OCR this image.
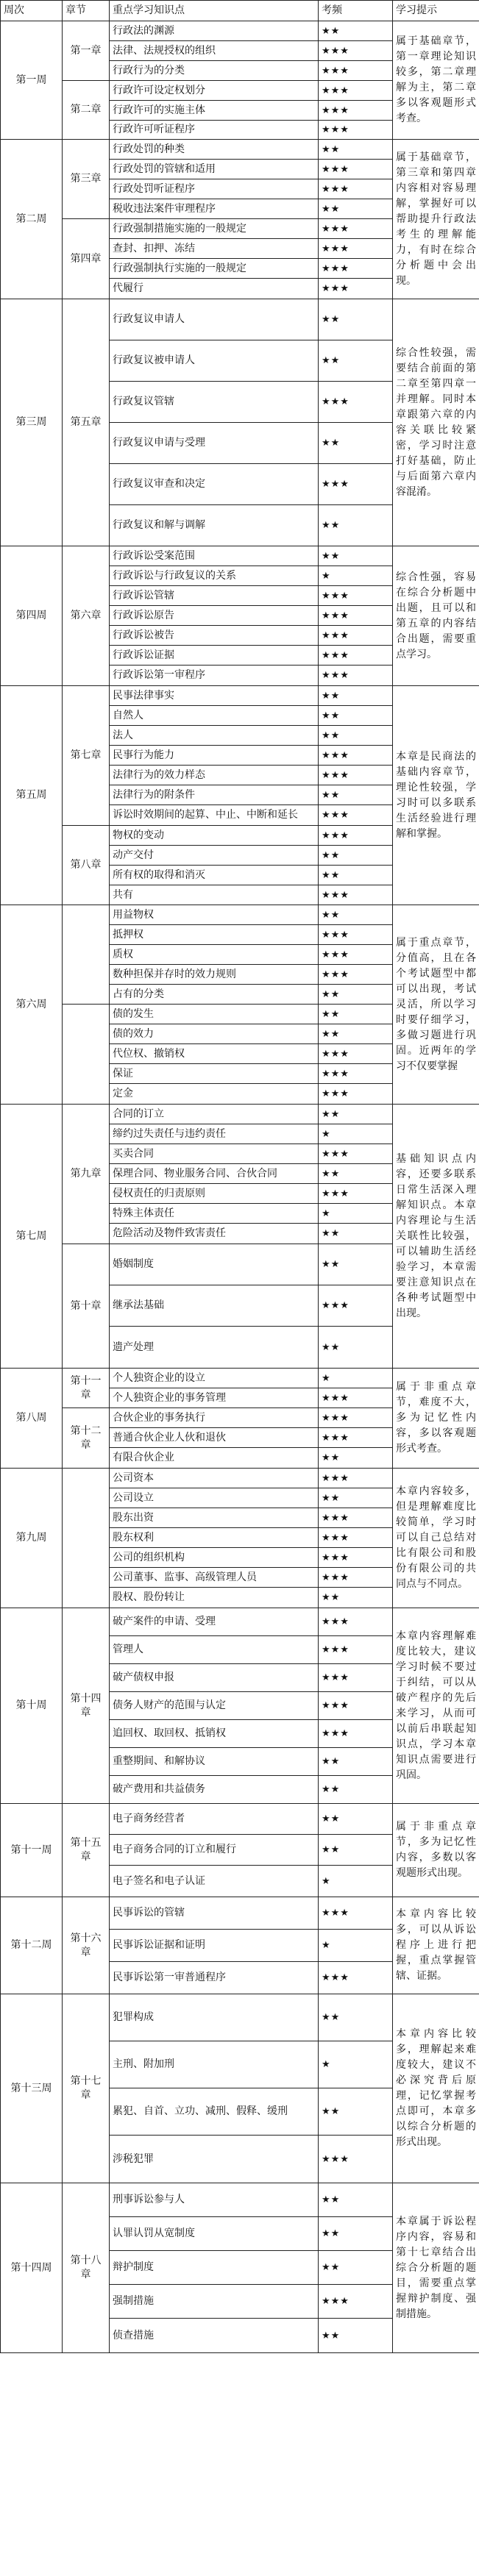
周次	章节	重点学习知识点	考频	学习提示
第一周	第一章	行政法的渊源	★★	属于基础章节，第一章理论知识较多，第二章理解为主，第二章多以客观题形式考查。
		法律、法规授权的组织	★★★	
		行政行为的分类	★★★	
	第二章	行政许可设定权划分	★★★	
		行政许可的实施主体	★★★	
		行政许可听证程序	★★★	
第二周	第三章	行政处罚的种类	★★	属于基础章节，第三章和第四章内容相对容易理解，掌握好可以帮助提升行政法考生的理解能力，有时在综合分析题中会出现。
		行政处罚的管辖和适用	★★★	
		行政处罚听证程序	★★★	
		税收违法案件审理程序	★★	
	第四章	行政强制措施实施的一般规定	★★★	
		查封、扣押、冻结	★★★	
		行政强制执行实施的一般规定	★★★	
		代履行	★★★	
第三周	第五章	行政复议申请人	★★	综合性较强，需要结合前面的第二章至第四章一并理解。同时本章跟第六章的内容关联比较紧密，学习时注意打好基础，防止与后面第六章内容混淆。
		行政复议被申请人	★★	
		行政复议管辖	★★★	
		行政复议申请与受理	★★	
		行政复议审查和决定	★★★	
		行政复议和解与调解	★★	
第四周	第六章	行政诉讼受案范围	★★	综合性强，容易在综合分析题中出题，且可以和第五章的内容结合出题，需要重点学习。
		行政诉讼与行政复议的关系	★	
		行政诉讼管辖	★★★	
		行政诉讼原告	★★★	
		行政诉讼被告	★★★	
		行政诉讼证据	★★★	
		行政诉讼第一审程序	★★★	
第五周	第七章	民事法律事实	★★	本章是民商法的基础内容章节，理论性较强，学习时可以多联系生活经验进行理解和掌握。
		自然人	★★	
		法人	★★	
		民事行为能力	★★★	
		法律行为的效力样态	★★★	
		法律行为的附条件	★★	
		诉讼时效期间的起算、中止、中断和延长	★★★	
	第八章	物权的变动	★★★	
		动产交付	★★	
		所有权的取得和消灭	★★	
		共有	★★★	
第六周		用益物权	★★	属于重点章节，分值高，且在各个考试题型中都可以出现，考试灵活，所以学习时要仔细学习，多做习题进行巩固。近两年的学习不仅要掌握
		抵押权	★★★	
		质权	★★★	
		数种担保并存时的效力规则	★★★	
		占有的分类	★★	
		债的发生	★★	
		债的效力	★★	
		代位权、撤销权	★★★	
		保证	★★★	
		定金	★★★	
第七周	第九章	合同的订立	★★	基础知识点内容，还要多联系日常生活深入理解知识点。本章内容理论与生活关联性比较强，可以辅助生活经验学习，本章需要注意知识点在各种考试题型中出现。
		缔约过失责任与违约责任	★	
		买卖合同	★★★	
		保理合同、物业服务合同、合伙合同	★★	
		侵权责任的归责原则	★★★	
		特殊主体责任	★	
		危险活动及物件致害责任	★★	
	第十章	婚姻制度	★★	
		继承法基础	★★★	
		遗产处理	★★	
第八周	第十一章	个人独资企业的设立	★	属于非重点章节，难度不大，多为记忆性内容，多以客观题形式考查。
		个人独资企业的事务管理	★★★	
	第十二章	合伙企业的事务执行	★★★	
		普通合伙企业人伙和退伙	★★★	
		有限合伙企业	★★	
第九周		公司资本	★★★	本章内容较多，但是理解难度比较简单，学习时可以自己总结对比有限公司和股份有限公司的共同点与不同点。
		公司设立	★★	
		股东出资	★★★	
		股东权利	★★★	
		公司的组织机构	★★★	
		公司董事、监事、高级管理人员	★★★	
		股权、股份转让	★★	
第十周	第十四章	破产案件的申请、受理	★★★	本章内容理解难度比较大，建议学习时候不要过于纠结，可以从破产程序的先后来学习，从而可以前后串联起知识点，学习本章知识点需要进行巩固。
		管理人	★★★	
		破产债权申报	★★★	
		债务人财产的范围与认定	★★★	
		追回权、取回权、抵销权	★★★	
		重整期间、和解协议	★★	
		破产费用和共益债务	★★	
第十一周	第十五章	电子商务经营者	★★	属于非重点章节，多为记忆性内容，多数以客观题形式出现。
		电子商务合同的订立和履行	★★	
		电子签名和电子认证	★	
第十二周	第十六章	民事诉讼的管辖	★★★	本章内容比较多，可以从诉讼程序上进行把握，重点掌握管辖、证据。
		民事诉讼证据和证明	★	
		民事诉讼第一审普通程序	★★★	
第十三周	第十七章	犯罪构成	★★	本章内容比较多，理解起来难度较大，建议不必深究背后原理，记忆掌握考点即可，本章多以综合分析题的形式出现。
		主刑、附加刑	★	
		累犯、自首、立功、减刑、假释、缓刑	★★	
		涉税犯罪	★★★	
第十四周	第十八章	刑事诉讼参与人	★★	本章属于诉讼程序内容，容易和第十七章结合出综合分析题的题目，需要重点掌握辩护制度、强制措施。
		认罪认罚从宽制度	★★	
		辩护制度	★★	
		强制措施	★★★	
		侦查措施	★★	
